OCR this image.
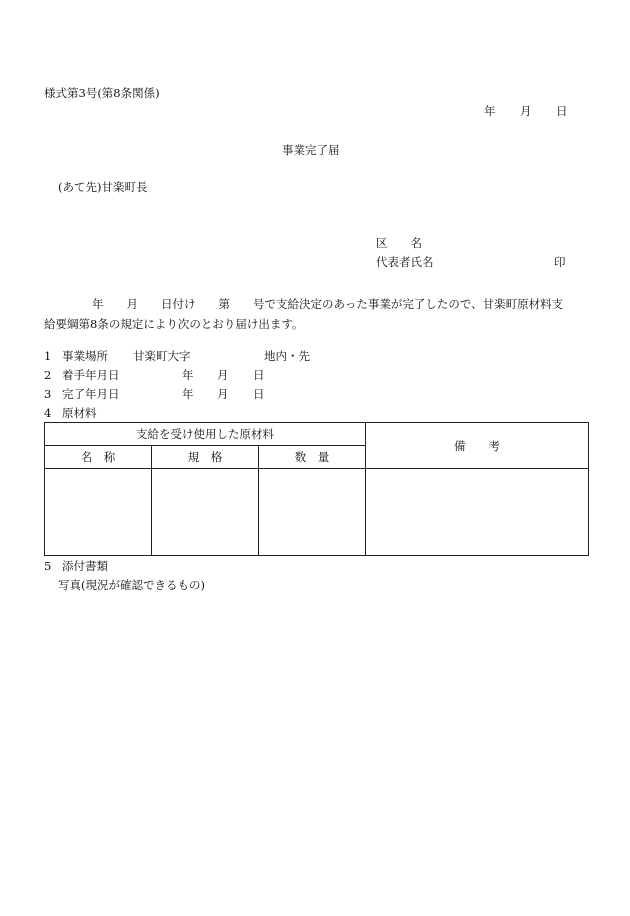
様式第3号(第8条関係)
年 月 日
事業完了届
(あて先)甘楽町長
区　　名
代表者氏名	印
年　　月　　日付け　　第　　号で支給決定のあった事業が完了したので、甘楽町原材料支
給要綱第8条の規定により次のとおり届け出ます。
1 事業場所 甘楽町大字	地内・先
2 着手年月日	年 月 日
3 完了年月日	年 月 日
4 原材料
支給を受け使用した原材料			備　　考
名　称	規　格	数　量	

5 添付書類
写真(現況が確認できるもの)
